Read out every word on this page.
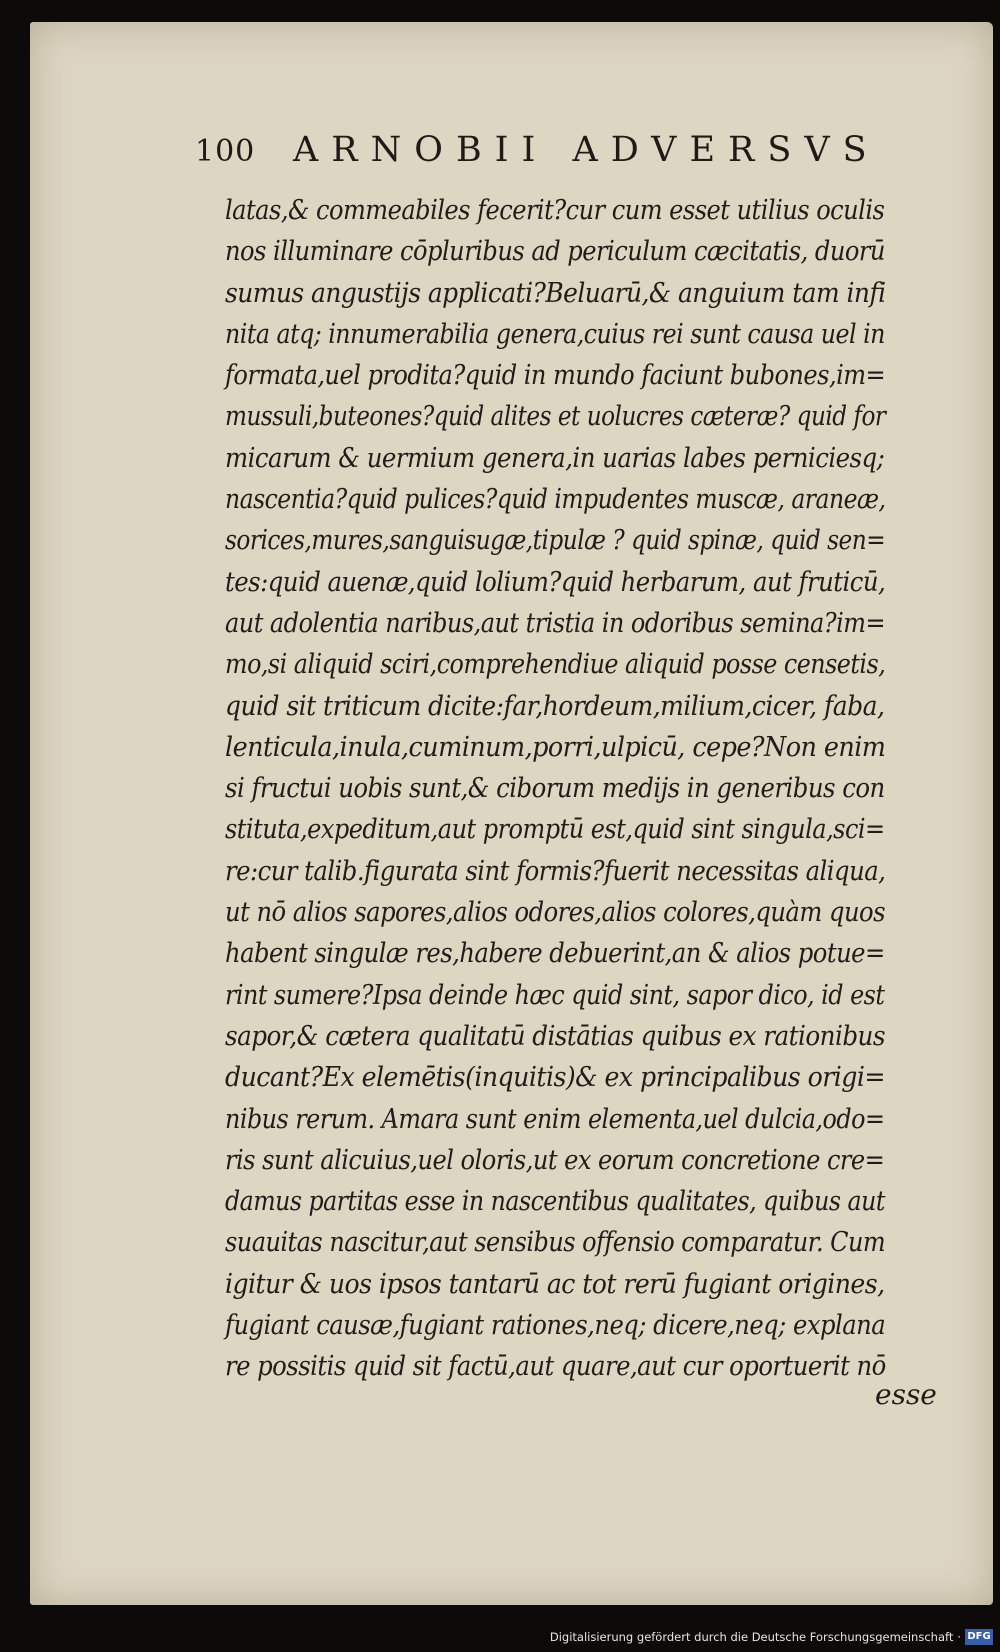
100 ARNOBII ADVERSVS
latas,& commeabiles fecerit?cur cum esset utilius oculis
nos illuminare cōpluribus ad periculum cæcitatis, duorū
sumus angustijs applicati?Beluarū,& anguium tam infi
nita atq; innumerabilia genera,cuius rei sunt causa uel in
formata,uel prodita?quid in mundo faciunt bubones,im=
mussuli,buteones?quid alites et uolucres cæteræ? quid for
micarum & uermium genera,in uarias labes perniciesq;
nascentia?quid pulices?quid impudentes muscæ, araneæ,
sorices,mures,sanguisugæ,tipulæ ? quid spinæ, quid sen=
tes:quid auenæ,quid lolium?quid herbarum, aut fruticū,
aut adolentia naribus,aut tristia in odoribus semina?im=
mo,si aliquid sciri,comprehendiue aliquid posse censetis,
quid sit triticum dicite:far,hordeum,milium,cicer, faba,
lenticula,inula,cuminum,porri,ulpicū, cepe?Non enim
si fructui uobis sunt,& ciborum medijs in generibus con
stituta,expeditum,aut promptū est,quid sint singula,sci=
re:cur talib.figurata sint formis?fuerit necessitas aliqua,
ut nō alios sapores,alios odores,alios colores,quàm quos
habent singulæ res,habere debuerint,an & alios potue=
rint sumere?Ipsa deinde hæc quid sint, sapor dico, id est
sapor,& cætera qualitatū distātias quibus ex rationibus
ducant?Ex elemētis(inquitis)& ex principalibus origi=
nibus rerum. Amara sunt enim elementa,uel dulcia,odo=
ris sunt alicuius,uel oloris,ut ex eorum concretione cre=
damus partitas esse in nascentibus qualitates, quibus aut
suauitas nascitur,aut sensibus offensio comparatur. Cum
igitur & uos ipsos tantarū ac tot rerū fugiant origines,
fugiant causæ,fugiant rationes,neq; dicere,neq; explana
re possitis quid sit factū,aut quare,aut cur oportuerit nō
esse
Digitalisierung gefördert durch die Deutsche Forschungsgemeinschaft · DFG
